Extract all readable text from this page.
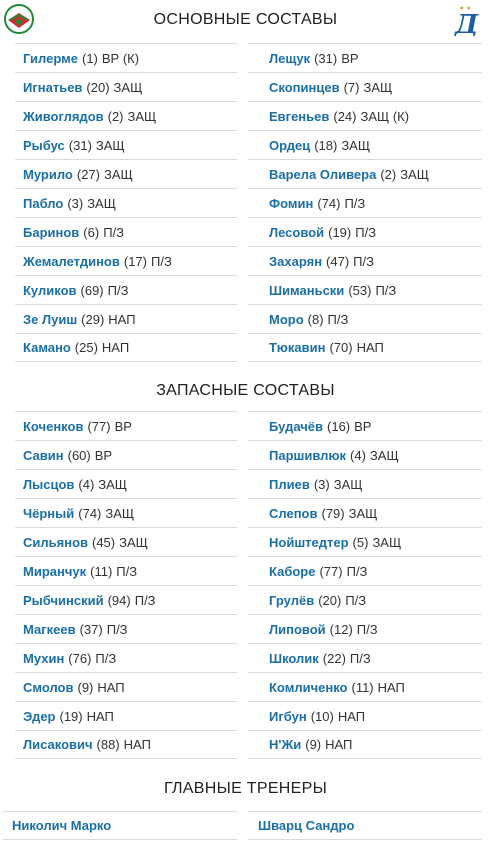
★ ★
Д
ОСНОВНЫЕ СОСТАВЫ
Гилерме (1) ВР (К)
Игнатьев (20) ЗАЩ
Живоглядов (2) ЗАЩ
Рыбус (31) ЗАЩ
Мурило (27) ЗАЩ
Пабло (3) ЗАЩ
Баринов (6) П/З
Жемалетдинов (17) П/З
Куликов (69) П/З
Зе Луиш (29) НАП
Камано (25) НАП
Лещук (31) ВР
Скопинцев (7) ЗАЩ
Евгеньев (24) ЗАЩ (К)
Ордец (18) ЗАЩ
Варела Оливера (2) ЗАЩ
Фомин (74) П/З
Лесовой (19) П/З
Захарян (47) П/З
Шиманьски (53) П/З
Моро (8) П/З
Тюкавин (70) НАП
ЗАПАСНЫЕ СОСТАВЫ
Коченков (77) ВР
Савин (60) ВР
Лысцов (4) ЗАЩ
Чёрный (74) ЗАЩ
Сильянов (45) ЗАЩ
Миранчук (11) П/З
Рыбчинский (94) П/З
Магкеев (37) П/З
Мухин (76) П/З
Смолов (9) НАП
Эдер (19) НАП
Лисакович (88) НАП
Будачёв (16) ВР
Паршивлюк (4) ЗАЩ
Плиев (3) ЗАЩ
Слепов (79) ЗАЩ
Нойштедтер (5) ЗАЩ
Каборе (77) П/З
Грулёв (20) П/З
Липовой (12) П/З
Школик (22) П/З
Комличенко (11) НАП
Игбун (10) НАП
Н'Жи (9) НАП
ГЛАВНЫЕ ТРЕНЕРЫ
Николич Марко	Шварц Сандро
